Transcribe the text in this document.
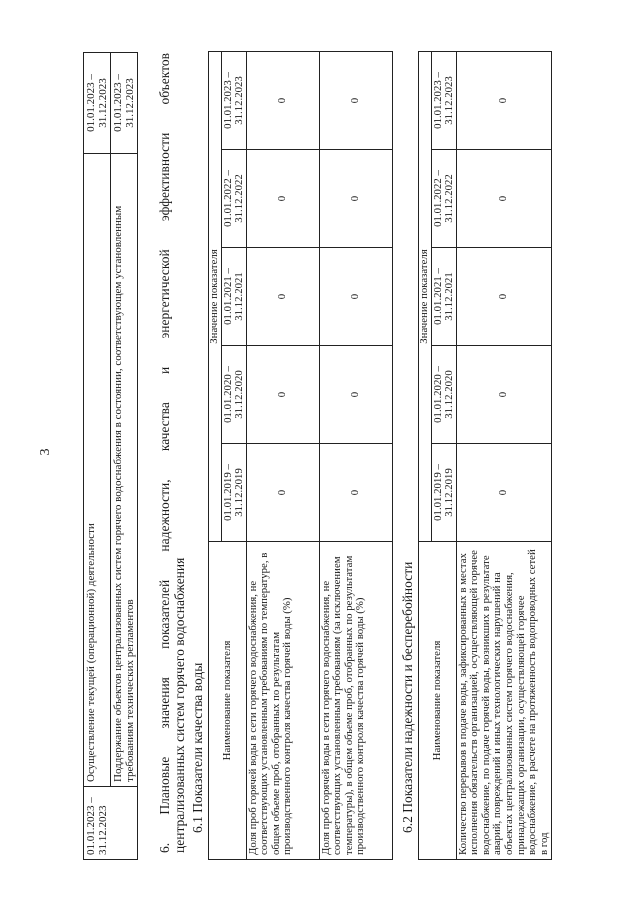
3
01.01.2023 – 31.12.2023	Осуществление текущей (операционной) деятельности	01.01.2023 – 31.12.2023
	Поддержание объектов централизованных систем горячего водоснабжения в состоянии, соответствующем установленным требованиям технических регламентов	01.01.2023 – 31.12.2023 6. Плановые значения показателей надежности, качества и энергетической эффективности объектов централизованных систем горячего водоснабжения 6.1 Показатели качества воды Наименование показателя	Значение показателя				
	01.01.2019 – 31.12.2019	01.01.2020 – 31.12.2020	01.01.2021 – 31.12.2021	01.01.2022 – 31.12.2022	01.01.2023 – 31.12.2023
Доля проб горячей воды в сети горячего водоснабжения, не соответствующих установленным требованиям по температуре, в общем объеме проб, отобранных по результатам производственного контроля качества горячей воды (%)	0	0	0	0	0
Доля проб горячей воды в сети горячего водоснабжения, не соответствующих установленным требованиям (за исключением температуры), в общем объеме проб, отобранных по результатам производственного контроля качества горячей воды (%)	0	0	0	0	0
6.2 Показатели надежности и бесперебойности Наименование показателя	Значение показателя				
	01.01.2019 – 31.12.2019	01.01.2020 – 31.12.2020	01.01.2021 – 31.12.2021	01.01.2022 – 31.12.2022	01.01.2023 – 31.12.2023
Количество перерывов в подаче воды, зафиксированных в местах исполнения обязательств организацией, осуществляющей горячее водоснабжение, по подаче горячей воды, возникших в результате аварий, повреждений и иных технологических нарушений на объектах централизованных систем горячего водоснабжения, принадлежащих организации, осуществляющей горячее водоснабжение, в расчете на протяженность водопроводных сетей в год	0	0	0	0	0
